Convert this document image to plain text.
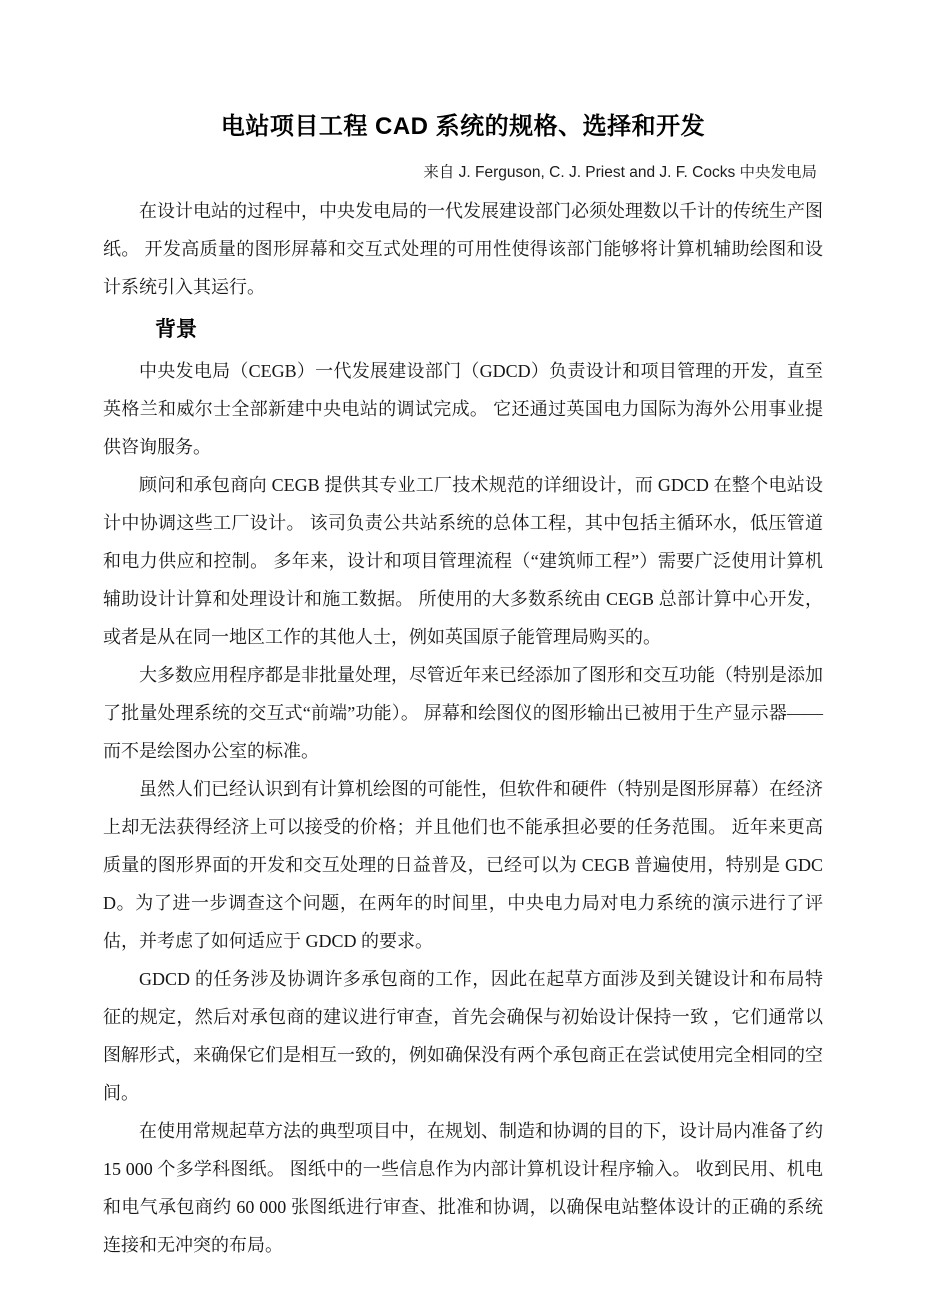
电站项目工程 CAD 系统的规格、选择和开发

来自 J. Ferguson, C. J. Priest and J. F. Cocks 中央发电局

在设计电站的过程中，中央发电局的一代发展建设部门必须处理数以千计的传统生产图纸。 开发高质量的图形屏幕和交互式处理的可用性使得该部门能够将计算机辅助绘图和设计系统引入其运行。

背景

中央发电局（CEGB）一代发展建设部门（GDCD）负责设计和项目管理的开发，直至英格兰和威尔士全部新建中央电站的调试完成。 它还通过英国电力国际为海外公用事业提供咨询服务。

顾问和承包商向 CEGB 提供其专业工厂技术规范的详细设计，而 GDCD 在整个电站设计中协调这些工厂设计。 该司负责公共站系统的总体工程，其中包括主循环水，低压管道和电力供应和控制。 多年来，设计和项目管理流程（“建筑师工程”）需要广泛使用计算机辅助设计计算和处理设计和施工数据。 所使用的大多数系统由 CEGB 总部计算中心开发，或者是从在同一地区工作的其他人士，例如英国原子能管理局购买的。

大多数应用程序都是非批量处理，尽管近年来已经添加了图形和交互功能（特别是添加了批量处理系统的交互式“前端”功能）。 屏幕和绘图仪的图形输出已被用于生产显示器——而不是绘图办公室的标准。

虽然人们已经认识到有计算机绘图的可能性，但软件和硬件（特别是图形屏幕）在经济上却无法获得经济上可以接受的价格；并且他们也不能承担必要的任务范围。 近年来更高质量的图形界面的开发和交互处理的日益普及，已经可以为 CEGB 普遍使用，特别是 GDCD。为了进一步调查这个问题，在两年的时间里，中央电力局对电力系统的演示进行了评估，并考虑了如何适应于 GDCD 的要求。

GDCD 的任务涉及协调许多承包商的工作，因此在起草方面涉及到关键设计和布局特征的规定，然后对承包商的建议进行审查，首先会确保与初始设计保持一致 ，它们通常以图解形式，来确保它们是相互一致的，例如确保没有两个承包商正在尝试使用完全相同的空间。

在使用常规起草方法的典型项目中，在规划、制造和协调的目的下，设计局内准备了约 15 000 个多学科图纸。 图纸中的一些信息作为内部计算机设计程序输入。 收到民用、机电和电气承包商约 60 000 张图纸进行审查、批准和协调，以确保电站整体设计的正确的系统连接和无冲突的布局。
